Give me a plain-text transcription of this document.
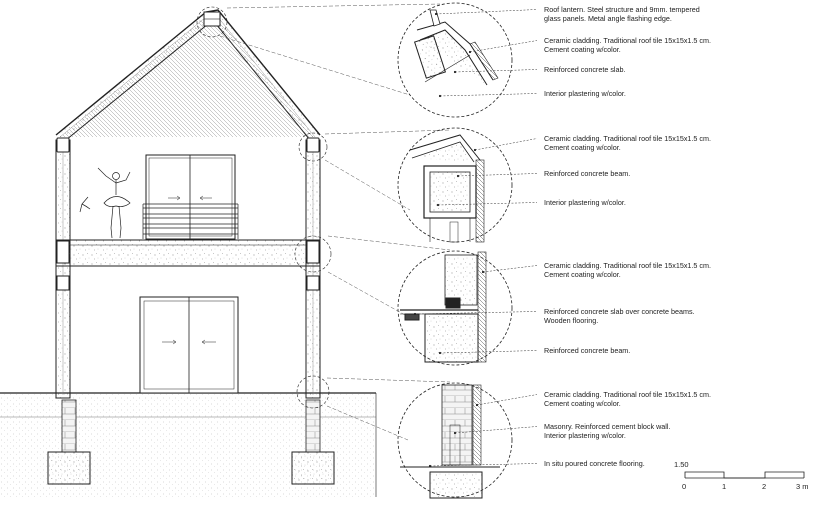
Roof lantern. Steel structure and 9mm. tempered
glass panels. Metal angle flashing edge.
Ceramic cladding. Traditional roof tile 15x15x1.5 cm.
Cement coating w/color.
Reinforced concrete slab.
Interior plastering w/color.
Ceramic cladding. Traditional roof tile 15x15x1.5 cm.
Cement coating w/color.
Reinforced concrete beam.
Interior plastering w/color.
Ceramic cladding. Traditional roof tile 15x15x1.5 cm.
Cement coating w/color.
Reinforced concrete slab over concrete beams.
Wooden flooring.
Reinforced concrete beam.
Ceramic cladding. Traditional roof tile 15x15x1.5 cm.
Cement coating w/color.
Masonry. Reinforced cement block wall.
Interior plastering w/color.
In situ poured concrete flooring.	1.50
0	1	2	3 m
